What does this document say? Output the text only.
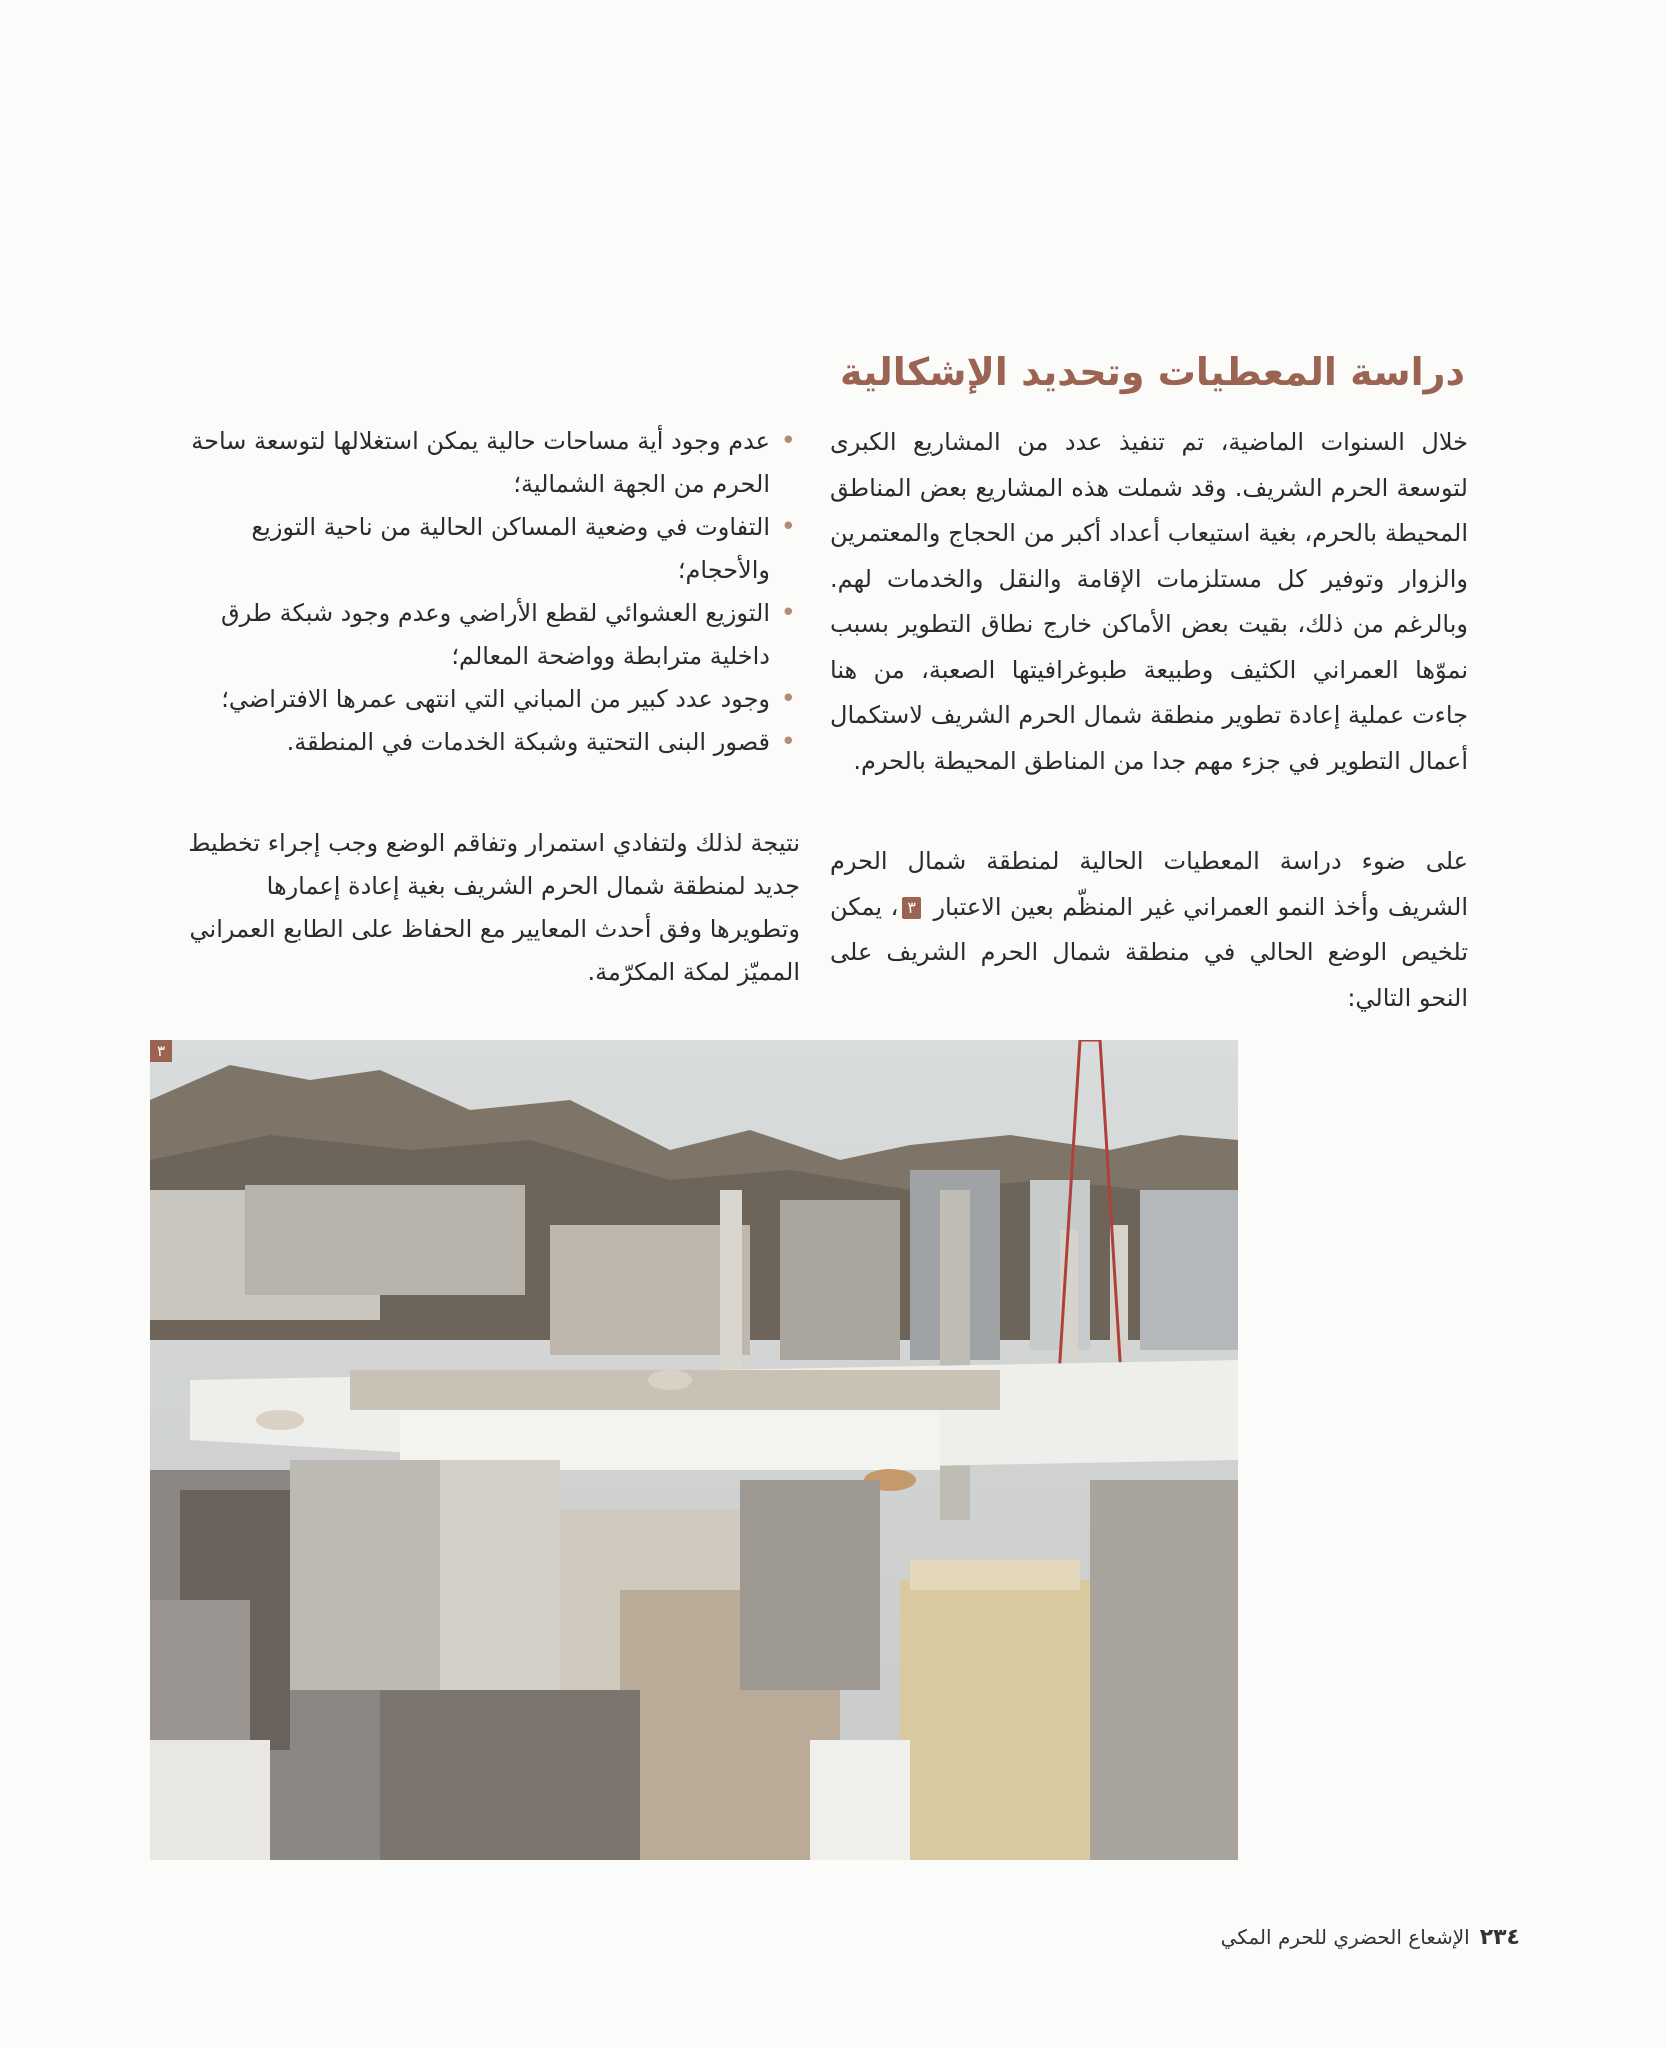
دراسة المعطيات وتحديد الإشكالية

خلال السنوات الماضية، تم تنفيذ عدد من المشاريع الكبرى لتوسعة الحرم الشريف. وقد شملت هذه المشاريع بعض المناطق المحيطة بالحرم، بغية استيعاب أعداد أكبر من الحجاج والمعتمرين والزوار وتوفير كل مستلزمات الإقامة والنقل والخدمات لهم. وبالرغم من ذلك، بقيت بعض الأماكن خارج نطاق التطوير بسبب نموّها العمراني الكثيف وطبيعة طبوغرافيتها الصعبة، من هنا جاءت عملية إعادة تطوير منطقة شمال الحرم الشريف لاستكمال أعمال التطوير في جزء مهم جدا من المناطق المحيطة بالحرم.

على ضوء دراسة المعطيات الحالية لمنطقة شمال الحرم الشريف وأخذ النمو العمراني غير المنظّم بعين الاعتبار ٣، يمكن تلخيص الوضع الحالي في منطقة شمال الحرم الشريف على النحو التالي:

• عدم وجود أية مساحات حالية يمكن استغلالها لتوسعة ساحة الحرم من الجهة الشمالية؛
• التفاوت في وضعية المساكن الحالية من ناحية التوزيع والأحجام؛
• التوزيع العشوائي لقطع الأراضي وعدم وجود شبكة طرق داخلية مترابطة وواضحة المعالم؛
• وجود عدد كبير من المباني التي انتهى عمرها الافتراضي؛
• قصور البنى التحتية وشبكة الخدمات في المنطقة.

نتيجة لذلك ولتفادي استمرار وتفاقم الوضع وجب إجراء تخطيط جديد لمنطقة شمال الحرم الشريف بغية إعادة إعمارها وتطويرها وفق أحدث المعايير مع الحفاظ على الطابع العمراني المميّز لمكة المكرّمة.

٣
٢٣٤الإشعاع الحضري للحرم المكي
